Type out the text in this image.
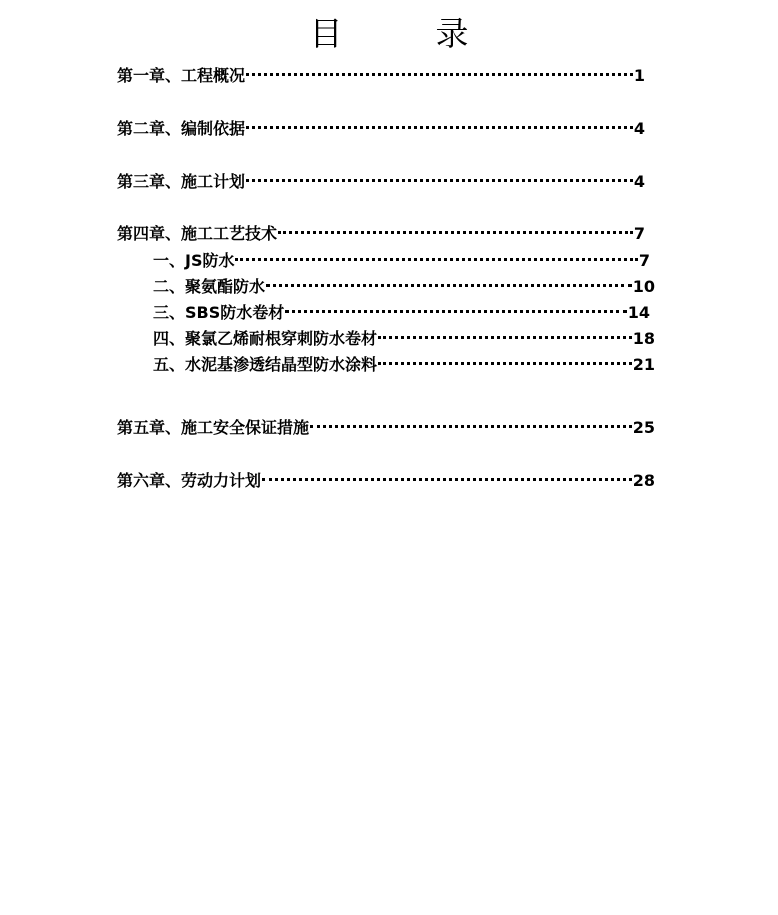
目　录
第一章、工程概况	1
第二章、编制依据	4
第三章、施工计划	4
第四章、施工工艺技术	7
一、JS防水	7
二、聚氨酯防水	10
三、SBS防水卷材	14
四、聚氯乙烯耐根穿刺防水卷材	18
五、水泥基渗透结晶型防水涂料	21
第五章、施工安全保证措施	25
第六章、劳动力计划	28
